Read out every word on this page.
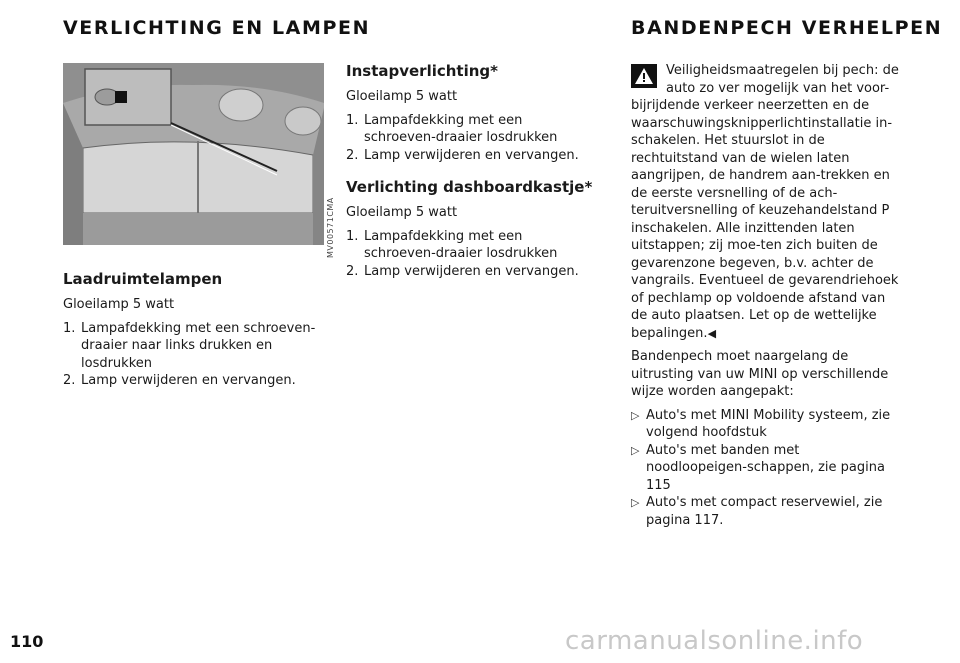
VERLICHTING EN LAMPEN	BANDENPECH VERHELPEN
MV00571CMA
Laadruimtelampen

Gloeilamp 5 watt

1. Lampafdekking met een schroeven-draaier naar links drukken en losdrukken
2. Lamp verwijderen en vervangen.
Instapverlichting*

Gloeilamp 5 watt

1. Lampafdekking met een schroeven-draaier losdrukken
2. Lamp verwijderen en vervangen.
Verlichting dashboardkastje*

Gloeilamp 5 watt

1. Lampafdekking met een schroeven-draaier losdrukken
2. Lamp verwijderen en vervangen.

Veiligheidsmaatregelen bij pech: de auto zo ver mogelijk van het voor-bijrijdende verkeer neerzetten en de waarschuwingsknipperlichtinstallatie in-schakelen. Het stuurslot in de rechtuitstand van de wielen laten aangrijpen, de handrem aan-trekken en de eerste versnelling of de ach-teruitversnelling of keuzehandelstand P inschakelen. Alle inzittenden laten uitstappen; zij moe-ten zich buiten de gevarenzone begeven, b.v. achter de vangrails. Eventueel de gevarendriehoek of pechlamp op voldoende afstand van de auto plaatsen. Let op de wettelijke bepalingen.◀

Bandenpech moet naargelang de uitrusting van uw MINI op verschillende wijze worden aangepakt:

▷ Auto's met MINI Mobility systeem, zie volgend hoofdstuk
▷ Auto's met banden met noodloopeigen-schappen, zie pagina 115
▷ Auto's met compact reservewiel, zie pagina 117.
110	carmanualsonline.info
